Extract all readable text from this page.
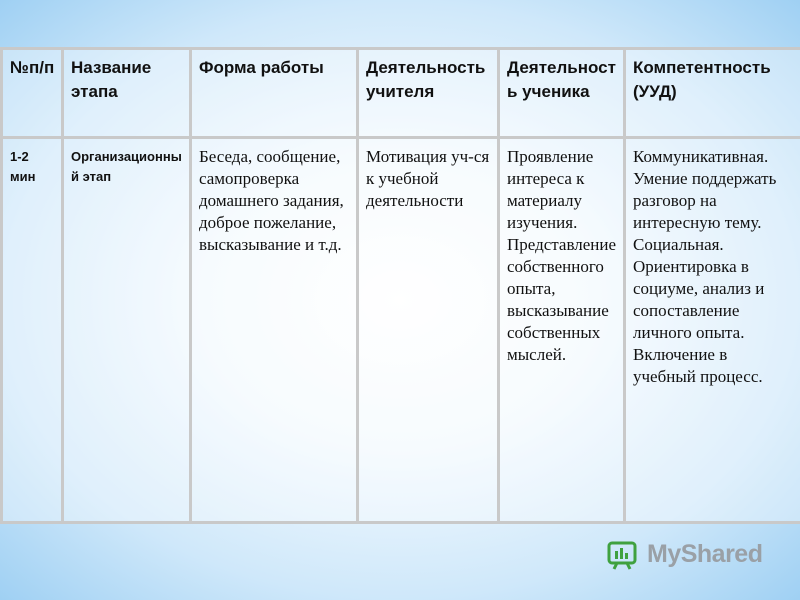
№п/п	Название этапа	Форма работы	Деятельность учителя	Деятельность ученика	Компетентность (УУД)
1-2 мин	Организационный этап	Беседа, сообщение, самопроверка домашнего задания, доброе пожелание, высказывание и т.д.	Мотивация уч-ся к учебной деятельности	Проявление интереса к материалу изучения. Представление собственного опыта, высказывание собственных мыслей.	Коммуникативная. Умение поддержать разговор на интересную тему. Социальная. Ориентировка в социуме, анализ и сопоставление личного опыта. Включение в учебный процесс.
MyShared
